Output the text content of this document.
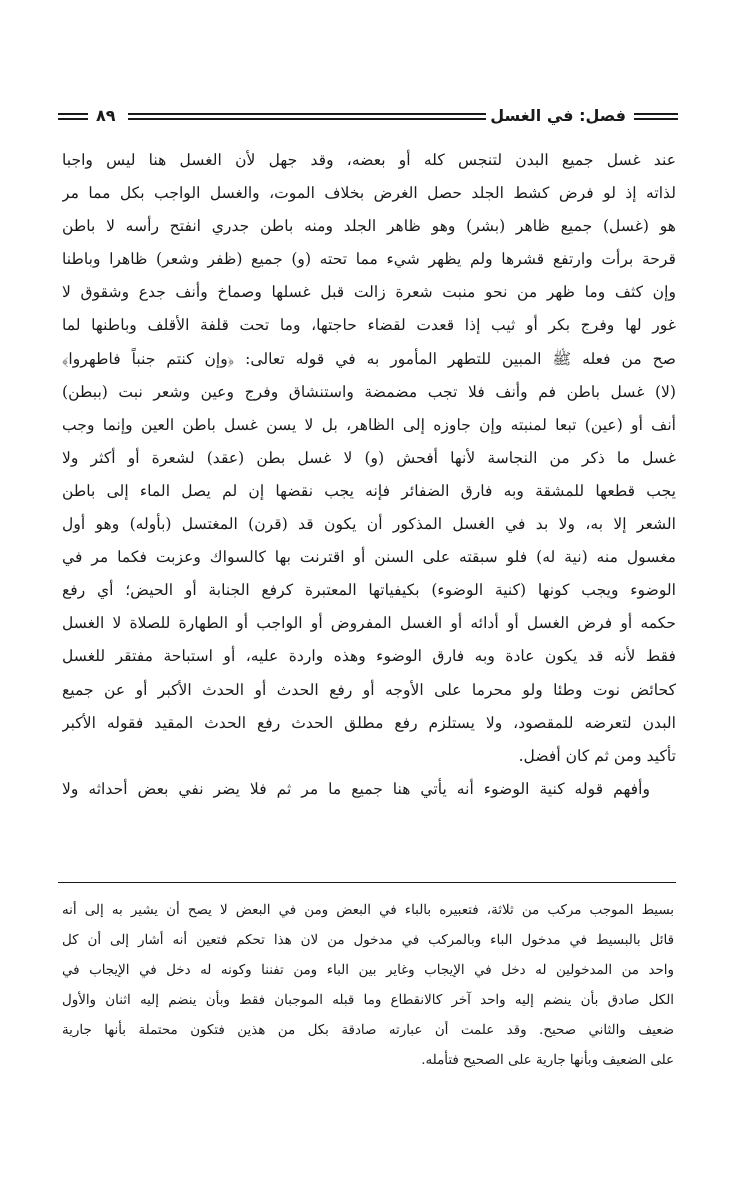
فصل: في الغسل
٨٩
عند غسل جميع البدن لتنجس كله أو بعضه، وقد جهل لأن الغسل هنا ليس واجبا
لذاته إذ لو فرض كشط الجلد حصل الغرض بخلاف الموت، والغسل الواجب بكل مما مر
هو (غسل) جميع ظاهر (بشر) وهو ظاهر الجلد ومنه باطن جدري انفتح رأسه لا باطن
قرحة برأت وارتفع قشرها ولم يظهر شيء مما تحته (و) جميع (ظفر وشعر) ظاهرا وباطنا
وإن كثف وما ظهر من نحو منبت شعرة زالت قبل غسلها وصماخ وأنف جدع وشقوق لا
غور لها وفرج بكر أو ثيب إذا قعدت لقضاء حاجتها، وما تحت قلفة الأقلف وباطنها لما
صح من فعله ﷺ المبين للتطهر المأمور به في قوله تعالى: ﴿وإن كنتم جنباً فاطهروا﴾
(لا) غسل باطن فم وأنف فلا تجب مضمضة واستنشاق وفرج وعين وشعر نبت (ببطن)
أنف أو (عين) تبعا لمنبته وإن جاوزه إلى الظاهر، بل لا يسن غسل باطن العين وإنما وجب
غسل ما ذكر من النجاسة لأنها أفحش (و) لا غسل بطن (عقد) لشعرة أو أكثر ولا
يجب قطعها للمشقة وبه فارق الضفائر فإنه يجب نقضها إن لم يصل الماء إلى باطن
الشعر إلا به، ولا بد في الغسل المذكور أن يكون قد (قرن) المغتسل (بأوله) وهو أول
مغسول منه (نية له) فلو سبقته على السنن أو اقترنت بها كالسواك وعزبت فكما مر في
الوضوء ويجب كونها (كنية الوضوء) بكيفياتها المعتبرة كرفع الجنابة أو الحيض؛ أي رفع
حكمه أو فرض الغسل أو أدائه أو الغسل المفروض أو الواجب أو الطهارة للصلاة لا الغسل
فقط لأنه قد يكون عادة وبه فارق الوضوء وهذه واردة عليه، أو استباحة مفتقر للغسل
كحائض نوت وطئا ولو محرما على الأوجه أو رفع الحدث أو الحدث الأكبر أو عن جميع
البدن لتعرضه للمقصود، ولا يستلزم رفع مطلق الحدث رفع الحدث المقيد فقوله الأكبر
تأكيد ومن ثم كان أفضل.
وأفهم قوله كنية الوضوء أنه يأتي هنا جميع ما مر ثم فلا يضر نفي بعض أحداثه ولا
بسيط الموجب مركب من ثلاثة، فتعبيره بالباء في البعض ومن في البعض لا يصح أن يشير به إلى أنه
قائل بالبسيط في مدخول الباء وبالمركب في مدخول من لان هذا تحكم فتعين أنه أشار إلى أن كل
واحد من المدخولين له دخل في الإيجاب وغاير بين الباء ومن تفننا وكونه له دخل في الإيجاب في
الكل صادق بأن ينضم إليه واحد آخر كالانقطاع وما قبله الموجبان فقط وبأن ينضم إليه اثنان والأول
ضعيف والثاني صحيح. وقد علمت أن عبارته صادقة بكل من هذين فتكون محتملة بأنها جارية
على الضعيف وبأنها جارية على الصحيح فتأمله.
